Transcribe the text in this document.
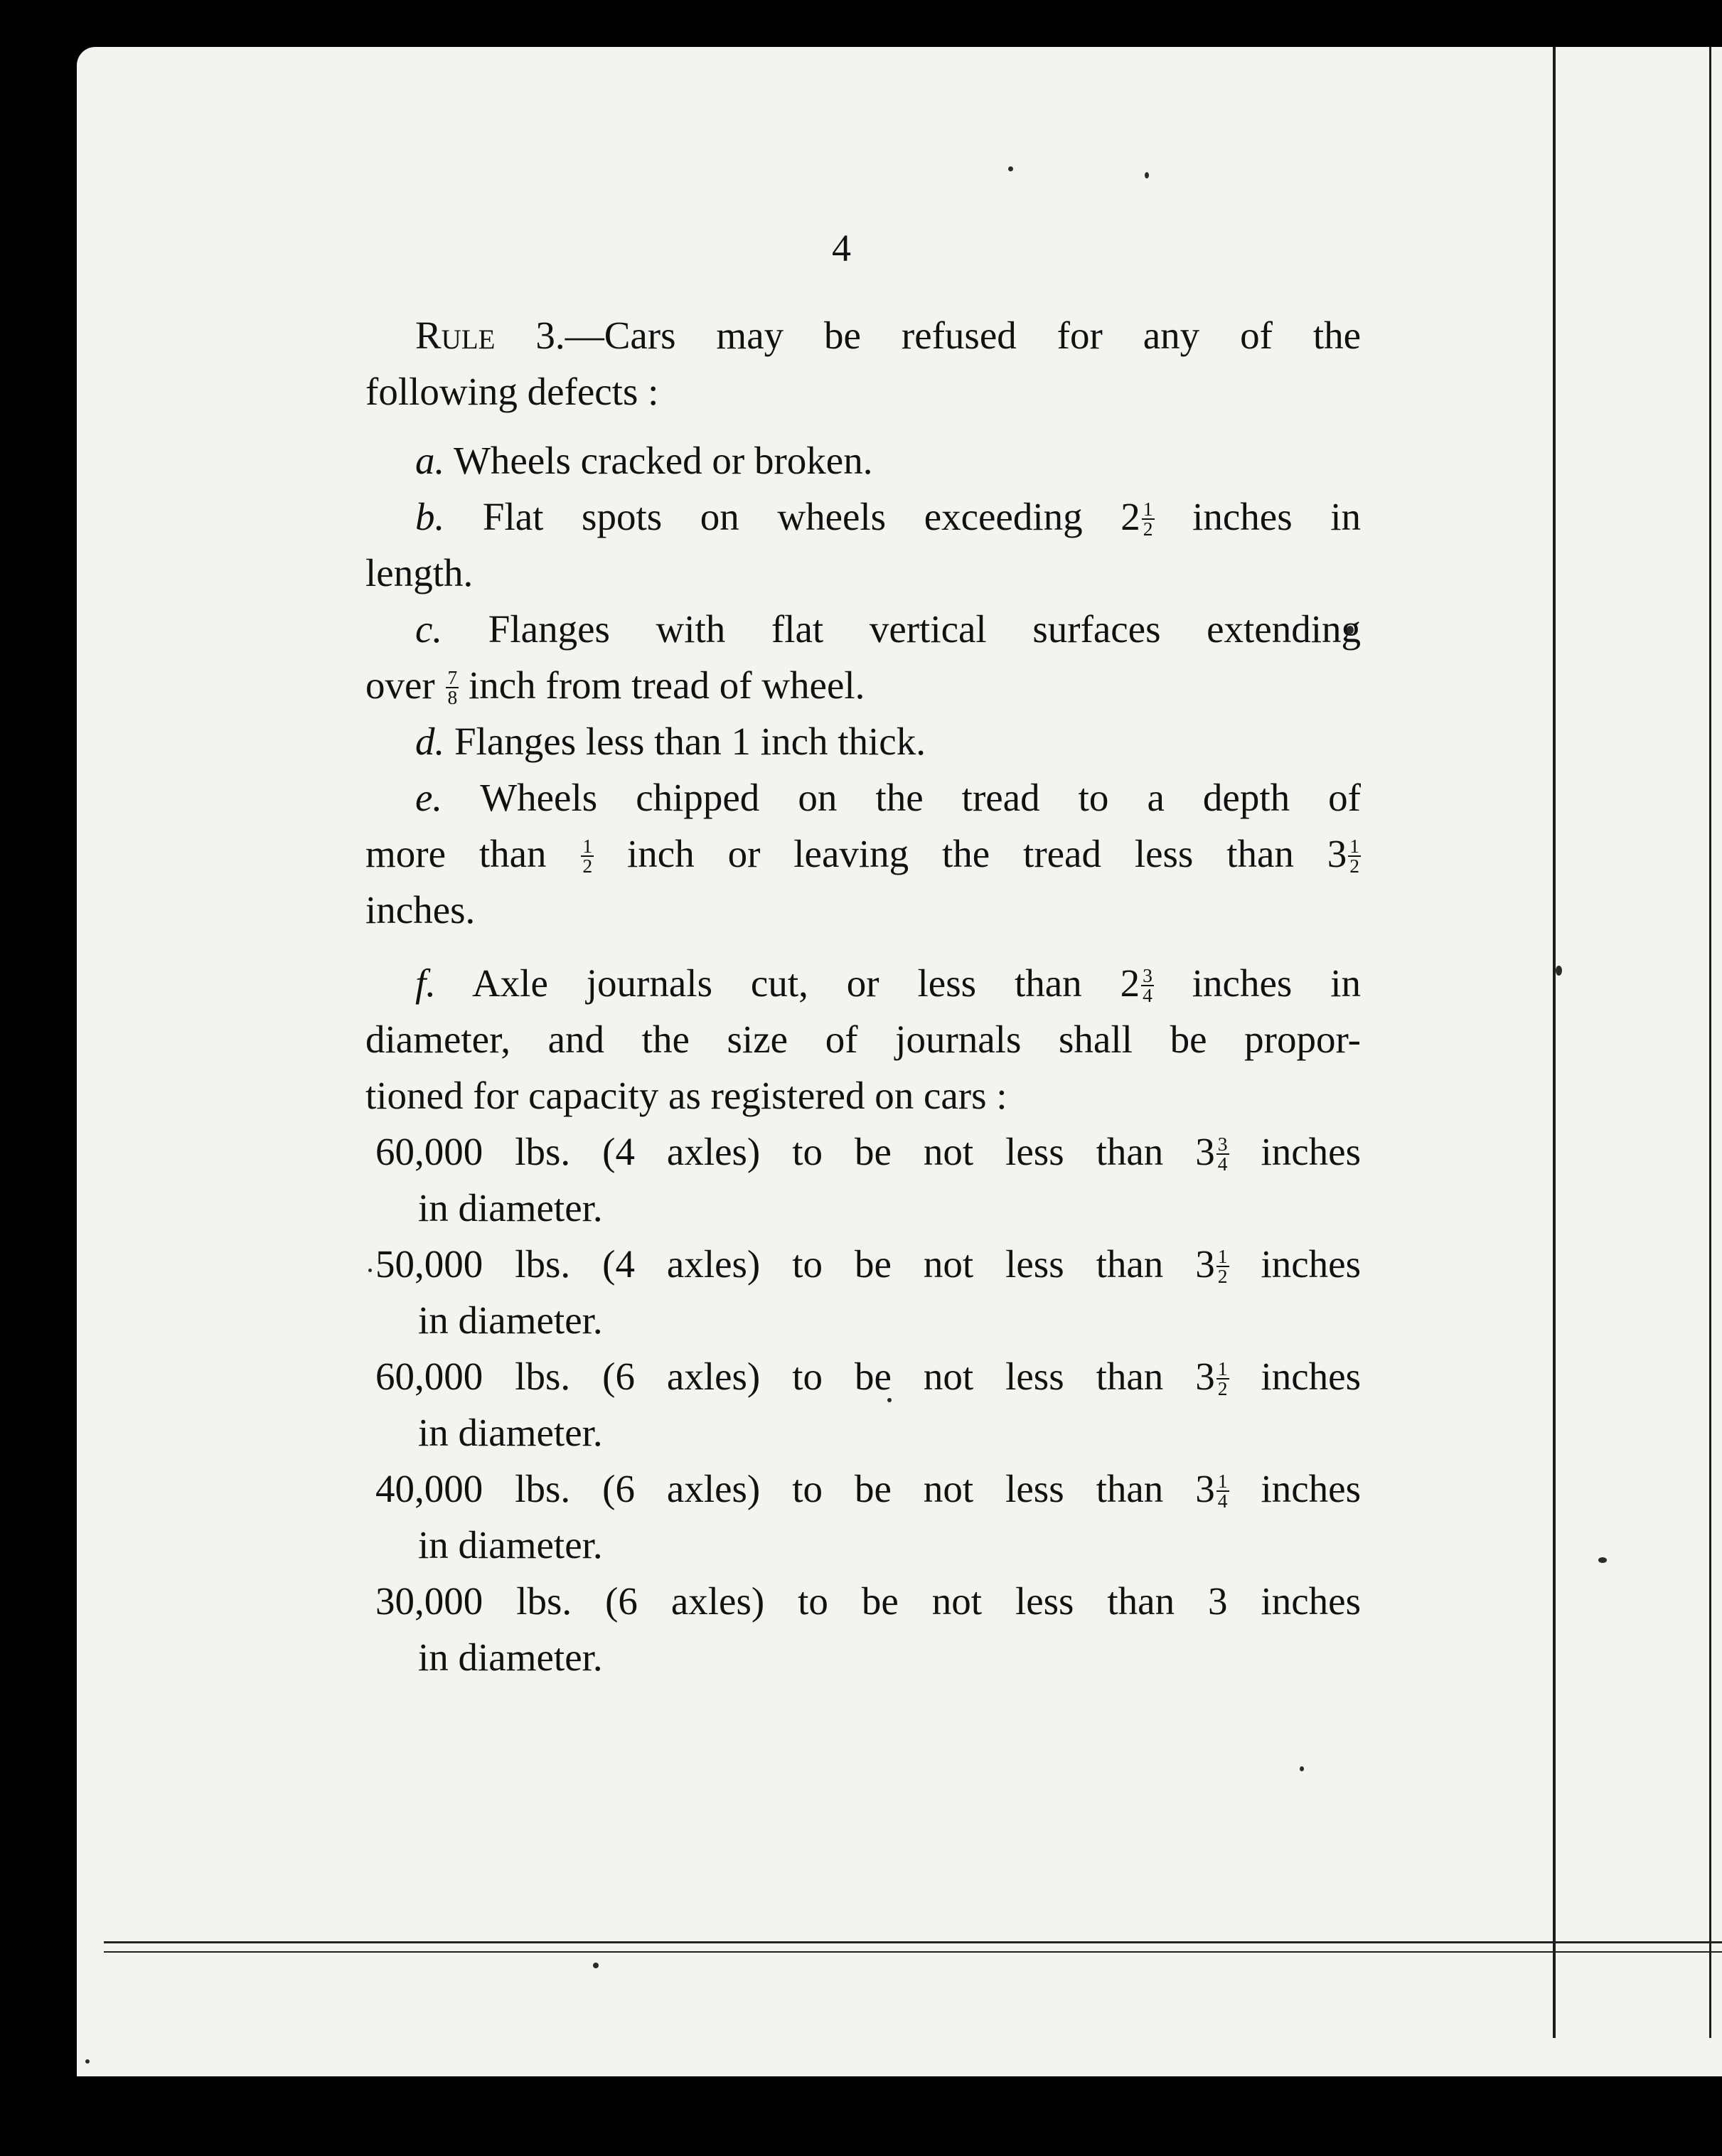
4
Rule 3.—Cars may be refused for any of the
following defects :
a. Wheels cracked or broken.
b. Flat spots on wheels exceeding $2 \frac{1}{2}$ inches in
length.
c. Flanges with flat vertical surfaces extending
over $\frac{7}{8}$ inch from tread of wheel.
d. Flanges less than 1 inch thick.
e. Wheels chipped on the tread to a depth of
more than $\frac{1}{2}$ inch or leaving the tread less than $3 \frac{1}{2}$
inches.
f. Axle journals cut, or less than $2 \frac{3}{4}$ inches in
diameter, and the size of journals shall be propor-
tioned for capacity as registered on cars :
60,000 lbs. (4 axles) to be not less than $3 \frac{3}{4}$ inches
in diameter.
50,000 lbs. (4 axles) to be not less than $3 \frac{1}{2}$ inches
in diameter.
60,000 lbs. (6 axles) to be not less than $3 \frac{1}{2}$ inches
in diameter.
40,000 lbs. (6 axles) to be not less than $3 \frac{1}{4}$ inches
in diameter.
30,000 lbs. (6 axles) to be not less than 3 inches
in diameter.
